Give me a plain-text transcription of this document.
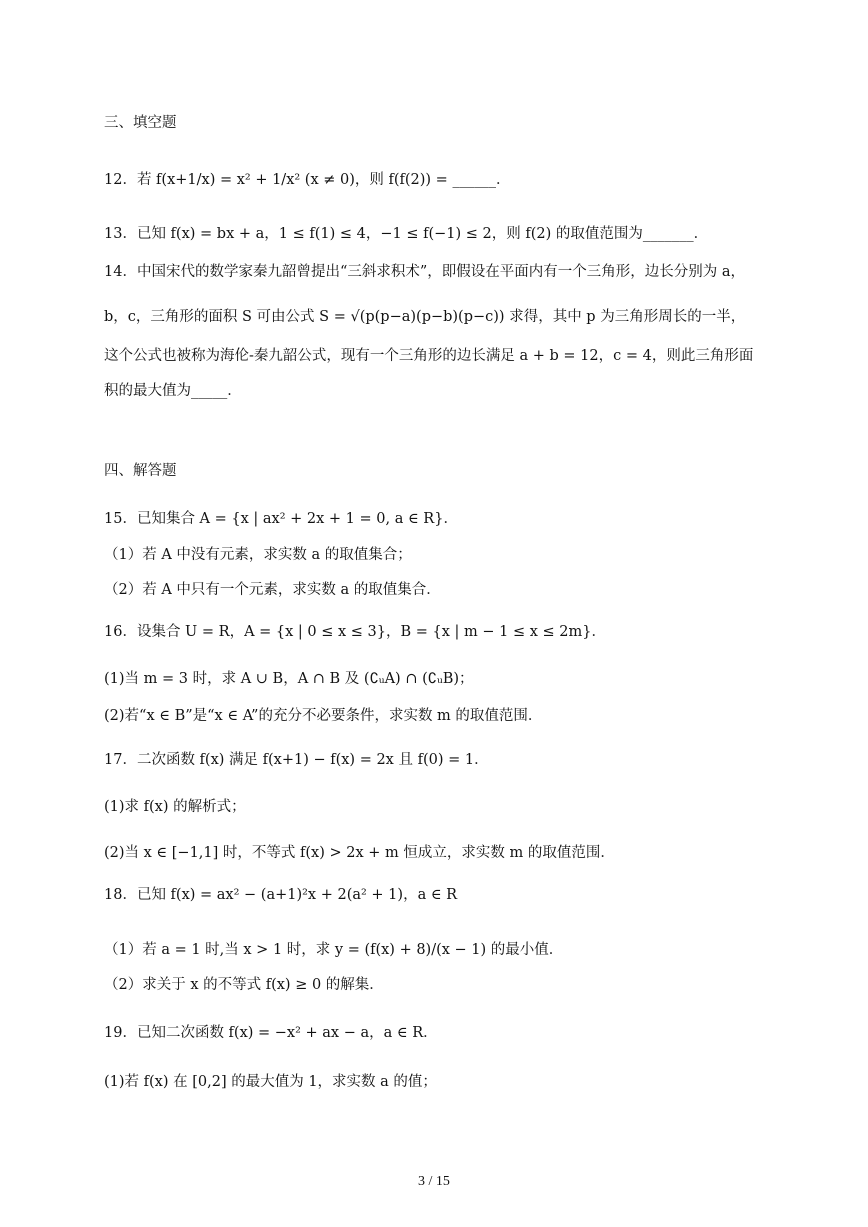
三、填空题
12．若 f(x+1/x) = x² + 1/x² (x ≠ 0)，则 f(f(2)) = ______．
13．已知 f(x) = bx + a，1 ≤ f(1) ≤ 4，−1 ≤ f(−1) ≤ 2，则 f(2) 的取值范围为_______．
14．中国宋代的数学家秦九韶曾提出“三斜求积术”，即假设在平面内有一个三角形，边长分别为 a，
b，c，三角形的面积 S 可由公式 S = √(p(p−a)(p−b)(p−c)) 求得，其中 p 为三角形周长的一半，
这个公式也被称为海伦-秦九韶公式，现有一个三角形的边长满足 a + b = 12，c = 4，则此三角形面
积的最大值为_____．
四、解答题
15．已知集合 A = {x | ax² + 2x + 1 = 0, a ∈ R}．
（1）若 A 中没有元素，求实数 a 的取值集合；
（2）若 A 中只有一个元素，求实数 a 的取值集合．
16．设集合 U = R，A = {x | 0 ≤ x ≤ 3}，B = {x | m − 1 ≤ x ≤ 2m}．
(1)当 m = 3 时，求 A ∪ B，A ∩ B 及 (∁ᵤA) ∩ (∁ᵤB)；
(2)若“x ∈ B”是“x ∈ A”的充分不必要条件，求实数 m 的取值范围．
17．二次函数 f(x) 满足 f(x+1) − f(x) = 2x 且 f(0) = 1．
(1)求 f(x) 的解析式；
(2)当 x ∈ [−1,1] 时，不等式 f(x) > 2x + m 恒成立，求实数 m 的取值范围．
18．已知 f(x) = ax² − (a+1)²x + 2(a² + 1)，a ∈ R
（1）若 a = 1 时,当 x > 1 时，求 y = (f(x) + 8)/(x − 1) 的最小值．
（2）求关于 x 的不等式 f(x) ≥ 0 的解集．
19．已知二次函数 f(x) = −x² + ax − a，a ∈ R．
(1)若 f(x) 在 [0,2] 的最大值为 1，求实数 a 的值；
3 / 15
